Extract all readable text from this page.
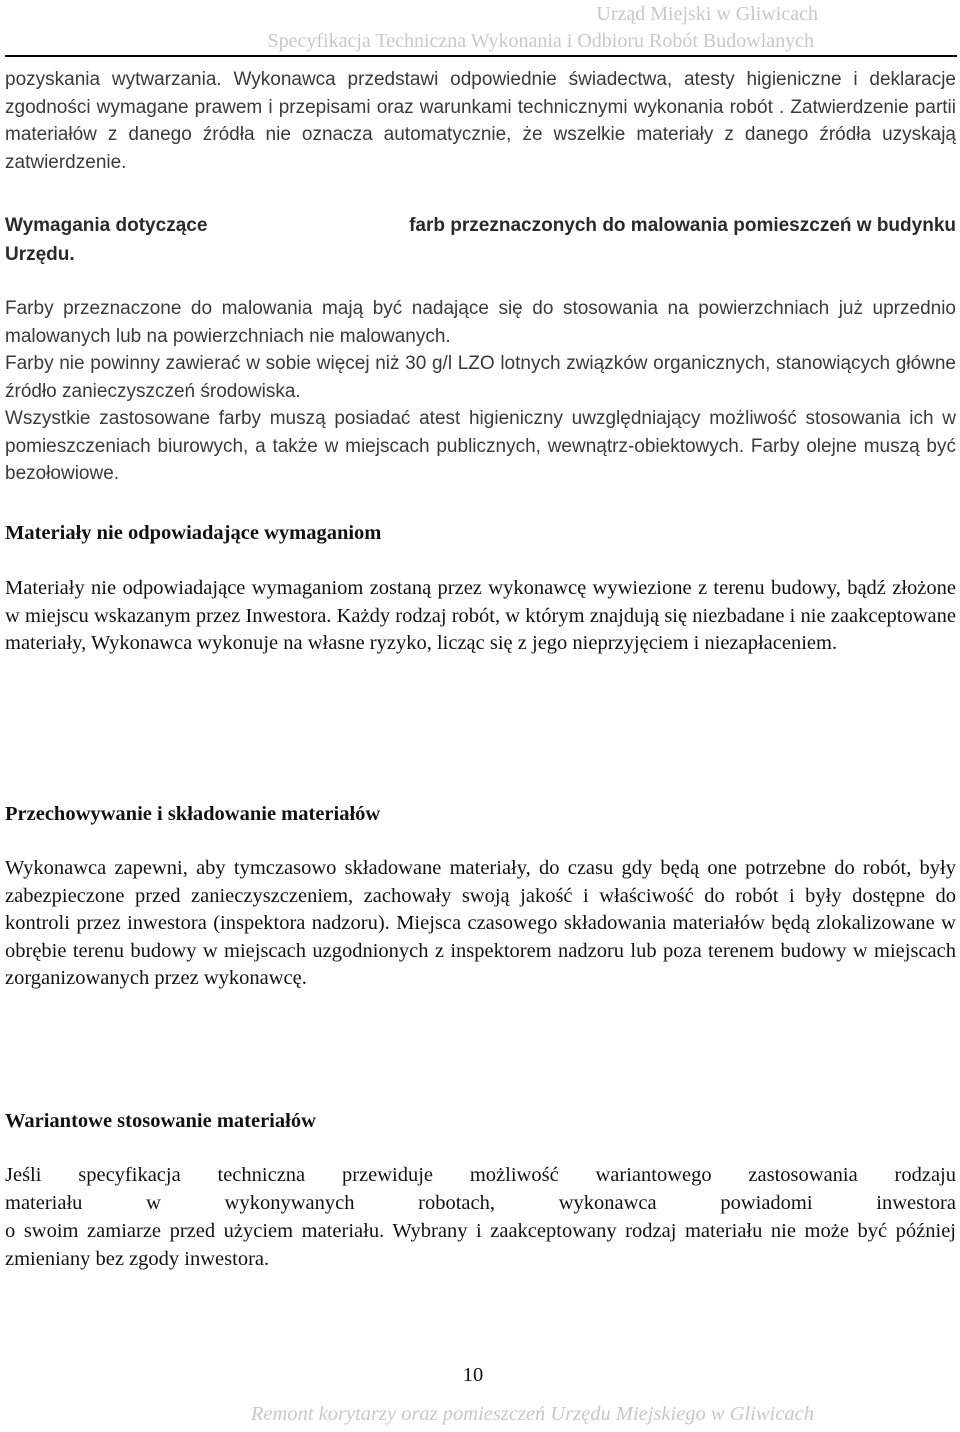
Urząd Miejski w Gliwicach
Specyfikacja Techniczna Wykonania i Odbioru Robót Budowlanych

pozyskania wytwarzania. Wykonawca przedstawi odpowiednie świadectwa, atesty higieniczne i deklaracje zgodności wymagane prawem i przepisami oraz warunkami technicznymi wykonania robót . Zatwierdzenie partii materiałów z danego źródła nie oznacza automatycznie, że wszelkie materiały z danego źródła uzyskają zatwierdzenie.

Wymagania dotyczące	farb przeznaczonych do malowania pomieszczeń w budynku
Urzędu.

Farby przeznaczone do malowania mają być nadające się do stosowania na powierzchniach już uprzednio malowanych lub na powierzchniach nie malowanych.

Farby nie powinny zawierać w sobie więcej niż 30 g/l LZO lotnych związków organicznych, stanowiących główne źródło zanieczyszczeń środowiska.

Wszystkie zastosowane farby muszą posiadać atest higieniczny uwzględniający możliwość stosowania ich w pomieszczeniach biurowych, a także w miejscach publicznych, wewnątrz-obiektowych. Farby olejne muszą być bezołowiowe.

Materiały nie odpowiadające wymaganiom

Materiały nie odpowiadające wymaganiom zostaną przez wykonawcę wywiezione z terenu budowy, bądź złożone w miejscu wskazanym przez Inwestora. Każdy rodzaj robót, w którym znajdują się niezbadane i nie zaakceptowane materiały, Wykonawca wykonuje na własne ryzyko, licząc się z jego nieprzyjęciem i niezapłaceniem.

Przechowywanie i składowanie materiałów

Wykonawca zapewni, aby tymczasowo składowane materiały, do czasu gdy będą one potrzebne do robót, były zabezpieczone przed zanieczyszczeniem, zachowały swoją jakość i właściwość do robót i były dostępne do kontroli przez inwestora (inspektora nadzoru). Miejsca czasowego składowania materiałów będą zlokalizowane w obrębie terenu budowy w miejscach uzgodnionych z inspektorem nadzoru lub poza terenem budowy w miejscach zorganizowanych przez wykonawcę.

Wariantowe stosowanie materiałów

Jeśli specyfikacja techniczna przewiduje możliwość wariantowego zastosowania rodzaju

materiału w wykonywanych robotach, wykonawca powiadomi inwestora

o swoim zamiarze przed użyciem materiału. Wybrany i zaakceptowany rodzaj materiału nie może być później zmieniany bez zgody inwestora.

10
Remont korytarzy oraz pomieszczeń Urzędu Miejskiego w Gliwicach
